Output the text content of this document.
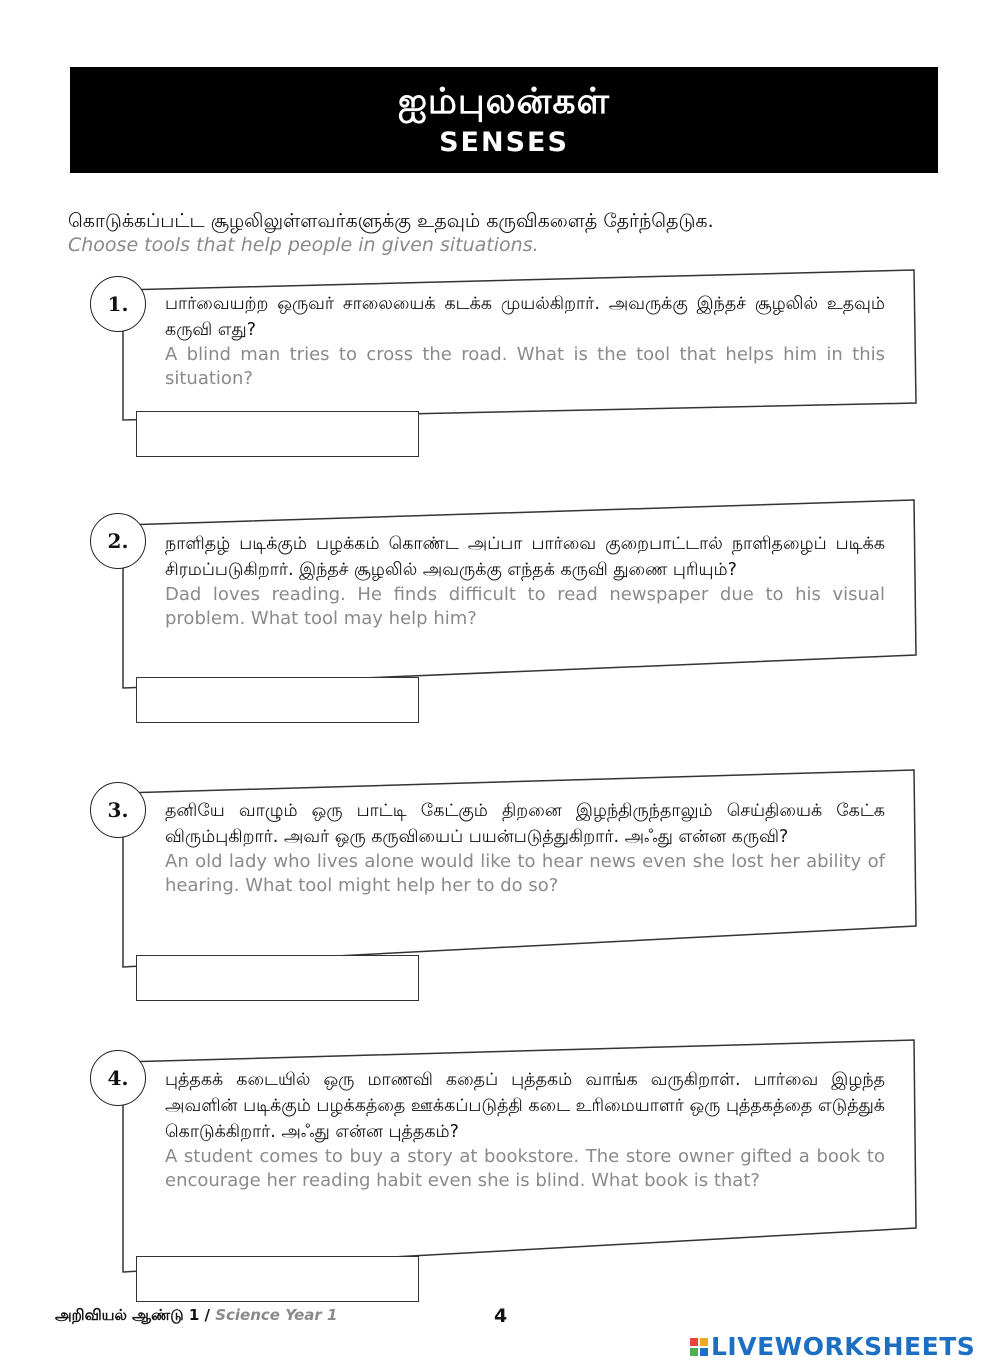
ஐம்புலன்கள்
SENSES
கொடுக்கப்பட்ட சூழலிலுள்ளவர்களுக்கு உதவும் கருவிகளைத் தேர்ந்தெடுக.
Choose tools that help people in given situations.
1.	பார்வையற்ற ஒருவர் சாலையைக் கடக்க முயல்கிறார். அவருக்கு இந்தச் சூழலில் உதவும் கருவி எது?
A blind man tries to cross the road. What is the tool that helps him in this situation?
2.	நாளிதழ் படிக்கும் பழக்கம் கொண்ட அப்பா பார்வை குறைபாட்டால் நாளிதழைப் படிக்க சிரமப்படுகிறார். இந்தச் சூழலில் அவருக்கு எந்தக் கருவி துணை புரியும்?
Dad loves reading. He finds difficult to read newspaper due to his visual problem. What tool may help him?
3.	தனியே வாழும் ஒரு பாட்டி கேட்கும் திறனை இழந்திருந்தாலும் செய்தியைக் கேட்க விரும்புகிறார். அவர் ஒரு கருவியைப் பயன்படுத்துகிறார். அஃது என்ன கருவி?
An old lady who lives alone would like to hear news even she lost her ability of hearing. What tool might help her to do so?
4.	புத்தகக் கடையில் ஒரு மாணவி கதைப் புத்தகம் வாங்க வருகிறாள். பார்வை இழந்த அவளின் படிக்கும் பழக்கத்தை ஊக்கப்படுத்தி கடை உரிமையாளர் ஒரு புத்தகத்தை எடுத்துக் கொடுக்கிறார். அஃது என்ன புத்தகம்?
A student comes to buy a story at bookstore. The store owner gifted a book to encourage her reading habit even she is blind. What book is that?
அறிவியல் ஆண்டு 1 / Science Year 1	4
LIVEWORKSHEETS
